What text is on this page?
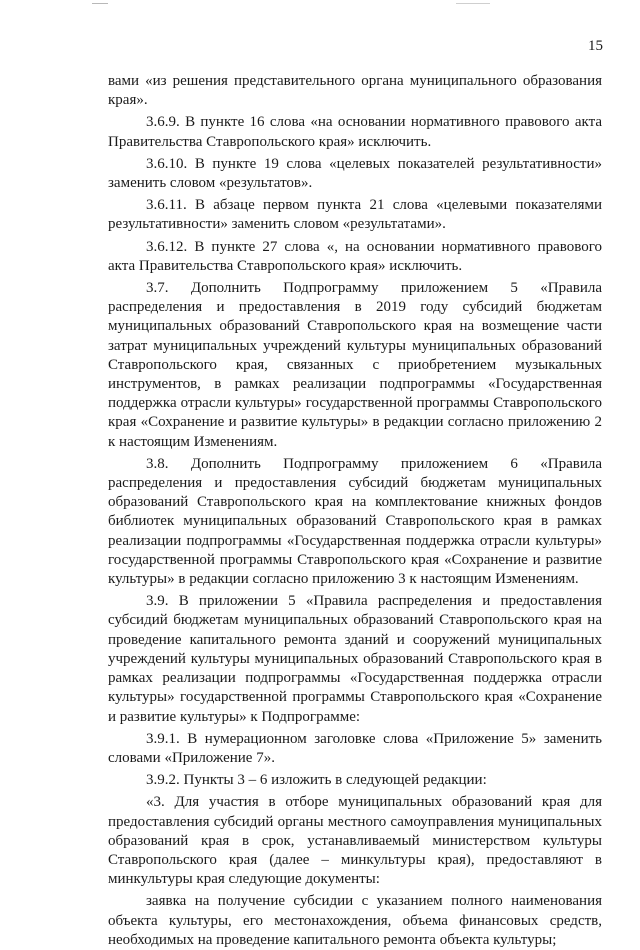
15

вами «из решения представительного органа муниципального образования края».

3.6.9. В пункте 16 слова «на основании нормативного правового акта Правительства Ставропольского края» исключить.

3.6.10. В пункте 19 слова «целевых показателей результативности» заменить словом «результатов».

3.6.11. В абзаце первом пункта 21 слова «целевыми показателями результативности» заменить словом «результатами».

3.6.12. В пункте 27 слова «, на основании нормативного правового акта Правительства Ставропольского края» исключить.

3.7. Дополнить Подпрограмму приложением 5 «Правила распределения и предоставления в 2019 году субсидий бюджетам муниципальных образований Ставропольского края на возмещение части затрат муниципальных учреждений культуры муниципальных образований Ставропольского края, связанных с приобретением музыкальных инструментов, в рамках реализации подпрограммы «Государственная поддержка отрасли культуры» государственной программы Ставропольского края «Сохранение и развитие культуры» в редакции согласно приложению 2 к настоящим Изменениям.

3.8. Дополнить Подпрограмму приложением 6 «Правила распределения и предоставления субсидий бюджетам муниципальных образований Ставропольского края на комплектование книжных фондов библиотек муниципальных образований Ставропольского края в рамках реализации подпрограммы «Государственная поддержка отрасли культуры» государственной программы Ставропольского края «Сохранение и развитие культуры» в редакции согласно приложению 3 к настоящим Изменениям.

3.9. В приложении 5 «Правила распределения и предоставления субсидий бюджетам муниципальных образований Ставропольского края на проведение капитального ремонта зданий и сооружений муниципальных учреждений культуры муниципальных образований Ставропольского края в рамках реализации подпрограммы «Государственная поддержка отрасли культуры» государственной программы Ставропольского края «Сохранение и развитие культуры» к Подпрограмме:

3.9.1. В нумерационном заголовке слова «Приложение 5» заменить словами «Приложение 7».

3.9.2. Пункты 3 – 6 изложить в следующей редакции:

«3. Для участия в отборе муниципальных образований края для предоставления субсидий органы местного самоуправления муниципальных образований края в срок, устанавливаемый министерством культуры Ставропольского края (далее – минкультуры края), предоставляют в минкультуры края следующие документы:

заявка на получение субсидии с указанием полного наименования объекта культуры, его местонахождения, объема финансовых средств, необходимых на проведение капитального ремонта объекта культуры;
